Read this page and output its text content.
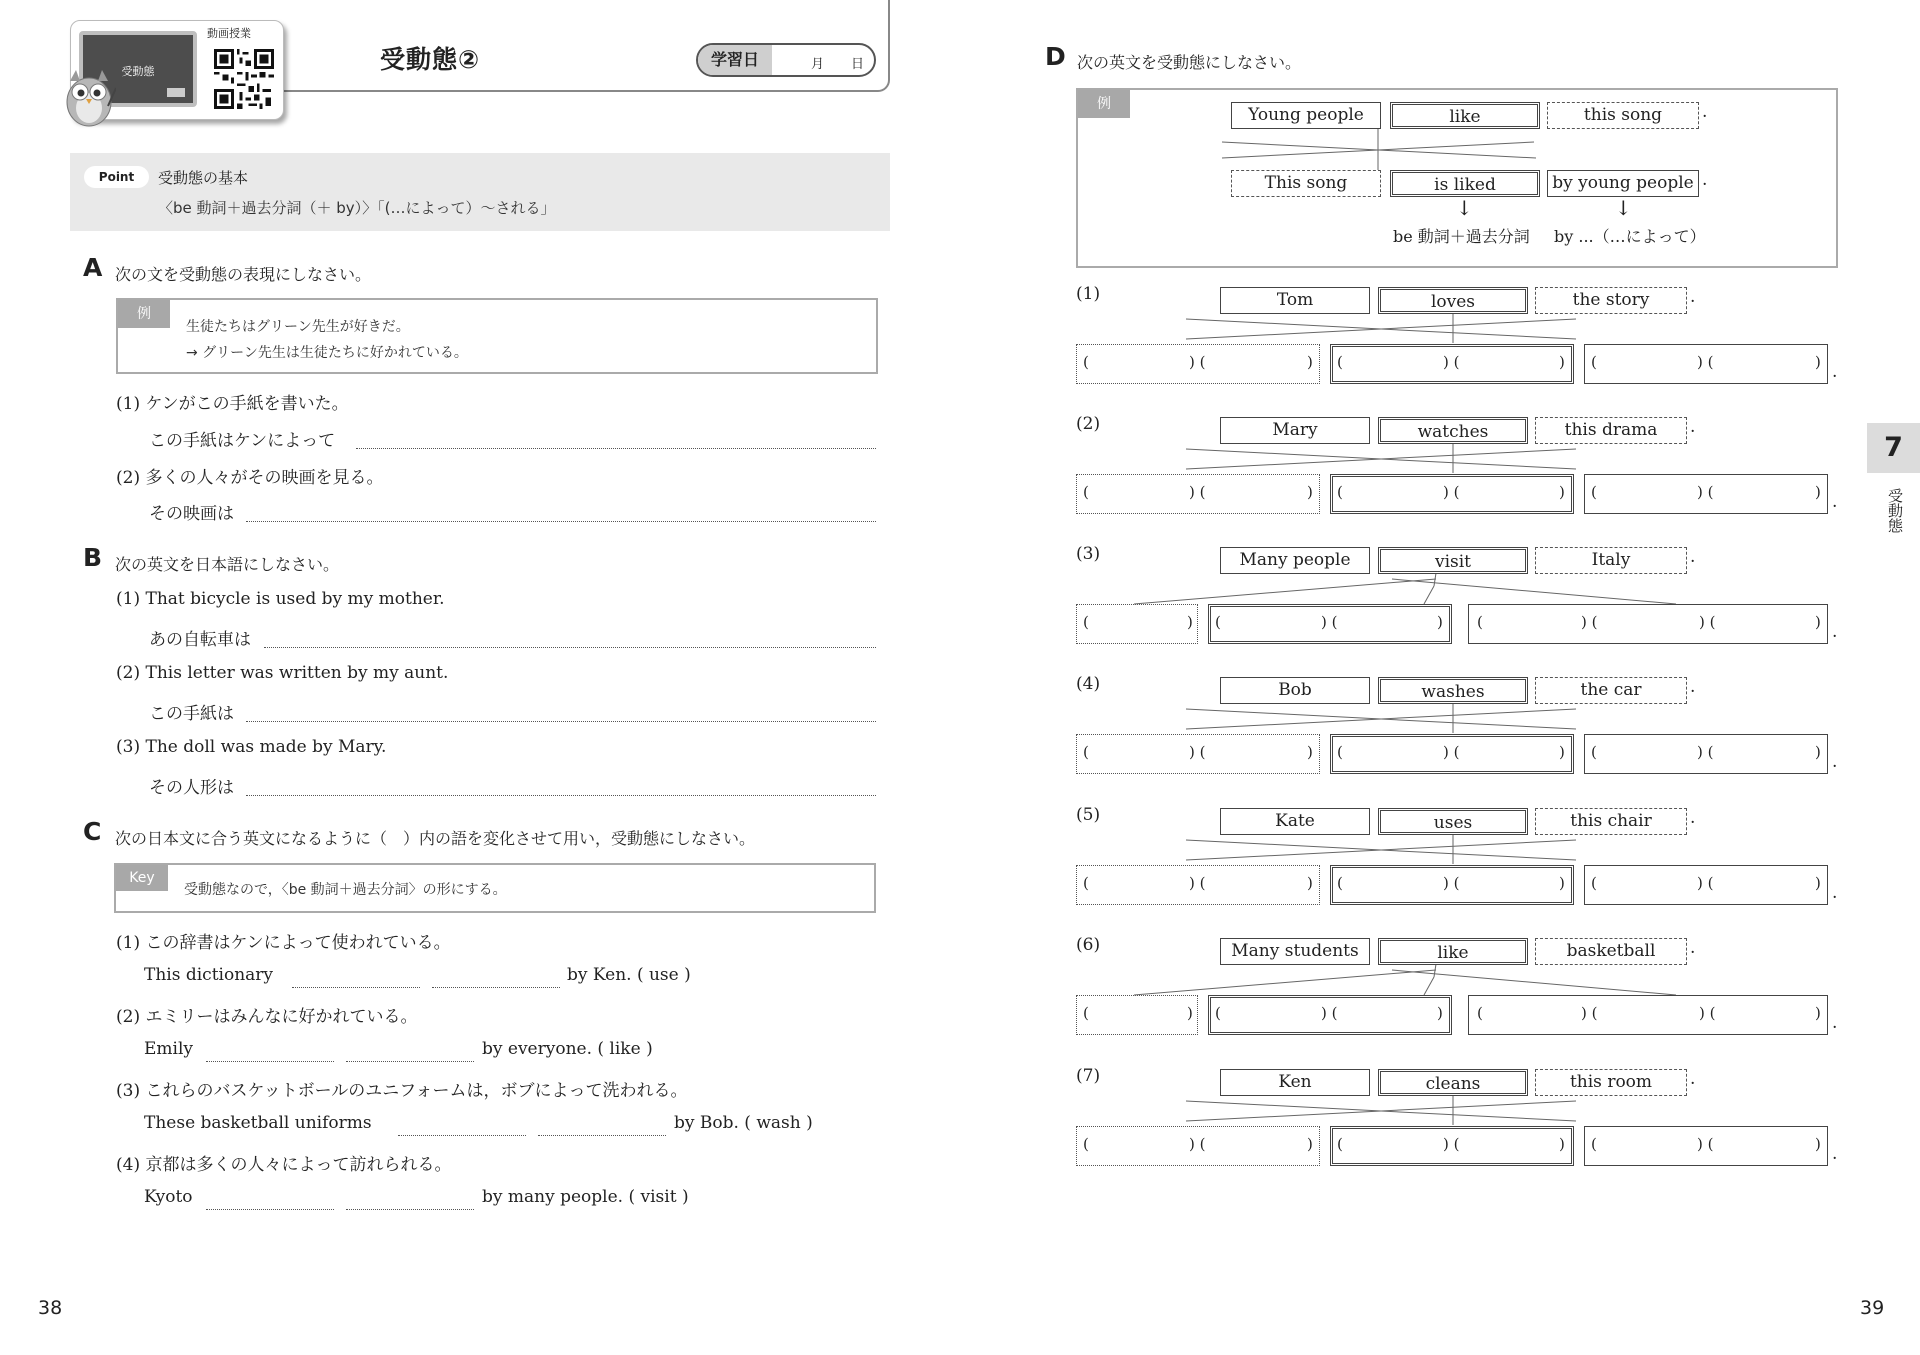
受動態
動画授業
受動態②	学習日	月 日
Point	受動態の基本
〈be 動詞＋過去分詞（＋ by）〉「(…によって）～される」
A 次の文を受動態の表現にしなさい。
例
生徒たちはグリーン先生が好きだ。
→ グリーン先生は生徒たちに好かれている。
(1) ケンがこの手紙を書いた。
この手紙はケンによって
(2) 多くの人々がその映画を見る。
その映画は
B 次の英文を日本語にしなさい。
(1) That bicycle is used by my mother.
あの自転車は
(2) This letter was written by my aunt.
この手紙は
(3) The doll was made by Mary.
その人形は
C 次の日本文に合う英文になるように（　）内の語を変化させて用い，受動態にしなさい。
Key
受動態なので，〈be 動詞＋過去分詞〉の形にする。
(1) この辞書はケンによって使われている。
This dictionary	by Ken. ( use )
(2) エミリーはみんなに好かれている。
Emily	by everyone. ( like )
(3) これらのバスケットボールのユニフォームは，ボブによって洗われる。
These basketball uniforms	by Bob. ( wash )
(4) 京都は多くの人々によって訪れられる。
Kyoto	by many people. ( visit )
38
D 次の英文を受動態にしなさい。
例
Young people	like	this song	.
This song	is liked	by young people .
↓	↓
be 動詞＋過去分詞 by ...（…によって）
(1)	Tom	loves	the story	.
(	) (	) (	) (	) (	) (	) .
(2)	Mary	watches	this drama	.
(	) (	) (	) (	) (	) (	) .
(3)	Many people	visit	Italy	.
(	) (	) (	) (	) (	) (	) .
(4)	Bob	washes	the car	.
(	) (	) (	) (	) (	) (	) .
(5)	Kate	uses	this chair	.
(	) (	) (	) (	) (	) (	) .
(6)	Many students	like	basketball	.
(	) (	) (	) (	) (	) (	) .
(7)	Ken	cleans	this room	.
(	) (	) (	) (	) (	) (	) .
7
受動態
39
